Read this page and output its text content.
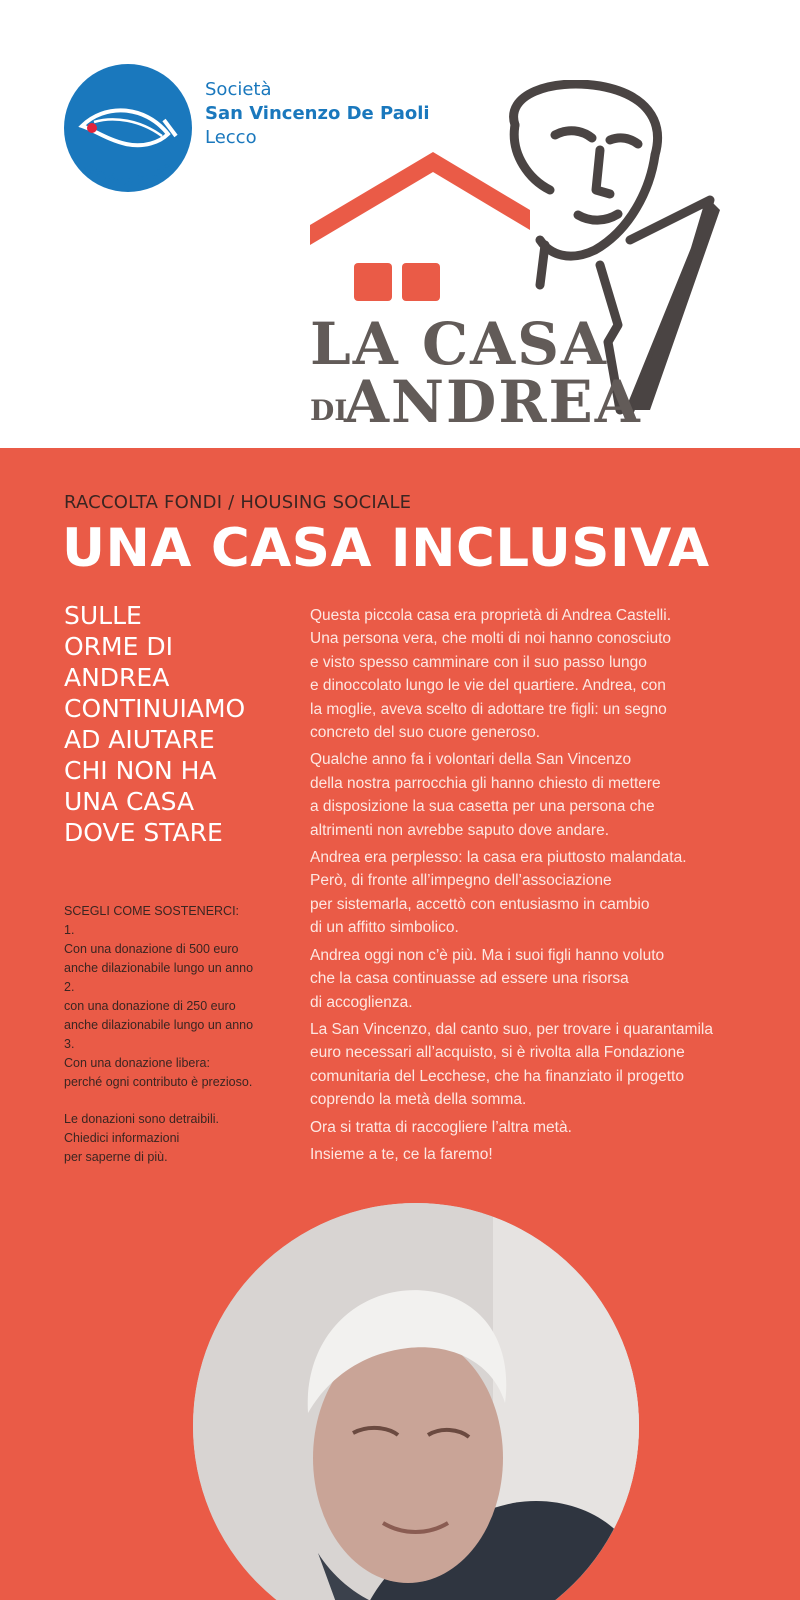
serviens in spe
Società
San Vincenzo De Paoli
Lecco
LA CASA
DI
ANDREA
RACCOLTA FONDI / HOUSING SOCIALE
UNA CASA INCLUSIVA
SULLE
ORME DI
ANDREA
CONTINUIAMO
AD AIUTARE
CHI NON HA
UNA CASA
DOVE STARE

SCEGLI COME SOSTENERCI:

1.

Con una donazione di 500 euro

anche dilazionabile lungo un anno

2.

con una donazione di 250 euro

anche dilazionabile lungo un anno

3.

Con una donazione libera:

perché ogni contributo è prezioso.

Le donazioni sono detraibili.

Chiedici informazioni

per saperne di più.

Questa piccola casa era proprietà di Andrea Castelli.
Una persona vera, che molti di noi hanno conosciuto
e visto spesso camminare con il suo passo lungo
e dinoccolato lungo le vie del quartiere. Andrea, con
la moglie, aveva scelto di adottare tre figli: un segno
concreto del suo cuore generoso.
Qualche anno fa i volontari della San Vincenzo
della nostra parrocchia gli hanno chiesto di mettere
a disposizione la sua casetta per una persona che
altrimenti non avrebbe saputo dove andare.
Andrea era perplesso: la casa era piuttosto malandata.
Però, di fronte all’impegno dell’associazione
per sistemarla, accettò con entusiasmo in cambio
di un affitto simbolico.
Andrea oggi non c’è più. Ma i suoi figli hanno voluto
che la casa continuasse ad essere una risorsa
di accoglienza.
La San Vincenzo, dal canto suo, per trovare i quarantamila
euro necessari all’acquisto, si è rivolta alla Fondazione
comunitaria del Lecchese, che ha finanziato il progetto
coprendo la metà della somma.
Ora si tratta di raccogliere l’altra metà.
Insieme a te, ce la faremo!
